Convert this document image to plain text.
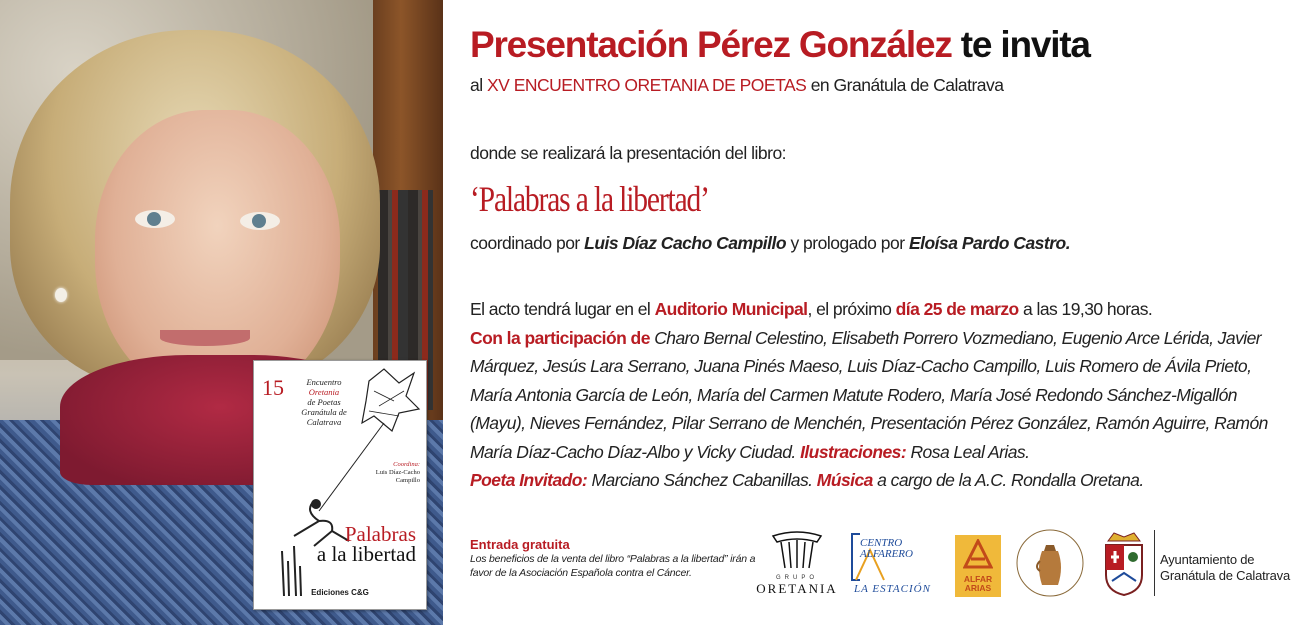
15	Encuentro
Oretania
de Poetas
Granátula de Calatrava
Coordina:
Luis Díaz-Cacho Campillo
Palabras
a la libertad
Ediciones C&G
Presentación Pérez González te invita
al XV ENCUENTRO ORETANIA DE POETAS en Granátula de Calatrava
donde se realizará la presentación del libro:
‘Palabras a la libertad’
coordinado por Luis Díaz Cacho Campillo y prologado por Eloísa Pardo Castro.
El acto tendrá lugar en el Auditorio Municipal, el próximo día 25 de marzo a las 19,30 horas.
Con la participación de Charo Bernal Celestino, Elisabeth Porrero Vozmediano, Eugenio Arce Lérida, Javier
Márquez, Jesús Lara Serrano, Juana Pinés Maeso, Luis Díaz-Cacho Campillo, Luis Romero de Ávila Prieto,
María Antonia García de León, María del Carmen Matute Rodero, María José Redondo Sánchez-Migallón
(Mayu), Nieves Fernández, Pilar Serrano de Menchén, Presentación Pérez González, Ramón Aguirre, Ramón
María Díaz-Cacho Díaz-Albo y Vicky Ciudad. Ilustraciones: Rosa Leal Arias.
Poeta Invitado: Marciano Sánchez Cabanillas. Música a cargo de la A.C. Rondalla Oretana.
Entrada gratuita
Los beneficios de la venta del libro “Palabras a la libertad” irán a
favor de la Asociación Española contra el Cáncer.	GRUPO
ORETANIA
CENTRO
ALFARERO
LA ESTACIÓN
ALFAR
ARIAS
Ayuntamiento de
Granátula de Calatrava
